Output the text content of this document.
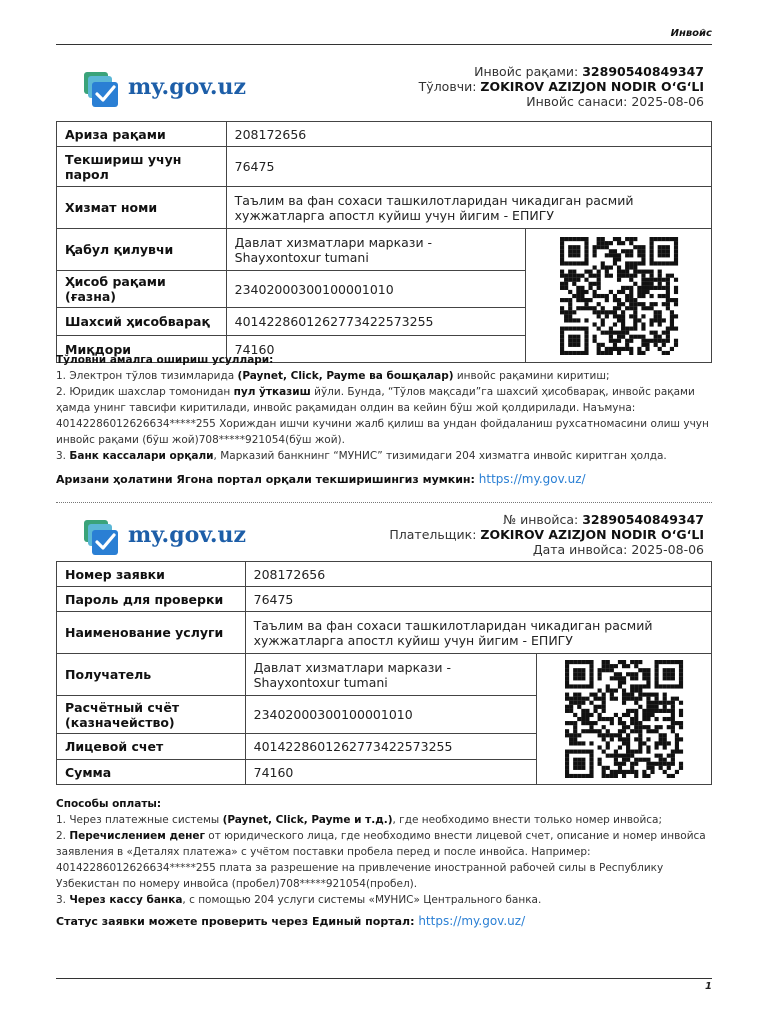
Инвойс
my.gov.uz
Инвойс рақами: 32890540849347
Тўловчи: ZOKIROV AZIZJON NODIR O‘G‘LI
Инвойс санаси: 2025-08-06
Ариза рақами	208172656	
Текшириш учун парол	76475	
Хизмат номи	Таълим ва фан сохаси ташкилотларидан чикадиган расмий хужжатларга апостл куйиш учун йигим - ЕПИГУ	
Қабул қилувчи	Давлат хизматлари маркази - Shayxontoxur tumani	

Ҳисоб рақами (ғазна)	23402000300100001010	
Шахсий ҳисобварақ	401422860126277342257325​5	
Миқдори	74160	
Тўловни амалга ошириш усуллари:
1. Электрон тўлов тизимларида (Paynet, Click, Payme ва бошқалар) инвойс рақамини киритиш;
2. Юридик шахслар томонидан пул ўтказиш йўли. Бунда, “Тўлов мақсади”га шахсий ҳисобварақ, инвойс рақами ҳамда унинг тавсифи киритилади, инвойс рақамидан олдин ва кейин бўш жой қолдирилади. Наъмуна: 40142286012626634*****255 Хориждан ишчи кучини жалб қилиш ва ундан фойдаланиш рухсатномасини олиш учун инвойс рақами (бўш жой)708*****921054(бўш жой).
3. Банк кассалари орқали, Марказий банкнинг “МУНИС” тизимидаги 204 хизматга инвойс киритган ҳолда.
Аризани ҳолатини Ягона портал орқали текширишингиз мумкин: https://my.gov.uz/
my.gov.uz
№ инвойса: 32890540849347
Плательщик: ZOKIROV AZIZJON NODIR O‘G‘LI
Дата инвойса: 2025-08-06
Номер заявки	208172656	
Пароль для проверки	76475	
Наименование услуги	Таълим ва фан сохаси ташкилотларидан чикадиган расмий хужжатларга апостл куйиш учун йигим - ЕПИГУ	
Получатель	Давлат хизматлари маркази - Shayxontoxur tumani	

Расчётный счёт (казначейство)	23402000300100001010	
Лицевой счет	4014228601262773422573255	
Сумма	74160	
Способы оплаты:
1. Через платежные системы (Paynet, Click, Payme и т.д.), где необходимо внести только номер инвойса;
2. Перечислением денег от юридического лица, где необходимо внести лицевой счет, описание и номер инвойса заявления в «Деталях платежа» с учётом поставки пробела перед и после инвойса. Например: 40142286012626634*****255 плата за разрешение на привлечение иностранной рабочей силы в Республику Узбекистан по номеру инвойса (пробел)708*****921054(пробел).
3. Через кассу банка, с помощью 204 услуги системы «МУНИС» Центрального банка.
Статус заявки можете проверить через Единый портал: https://my.gov.uz/
1
